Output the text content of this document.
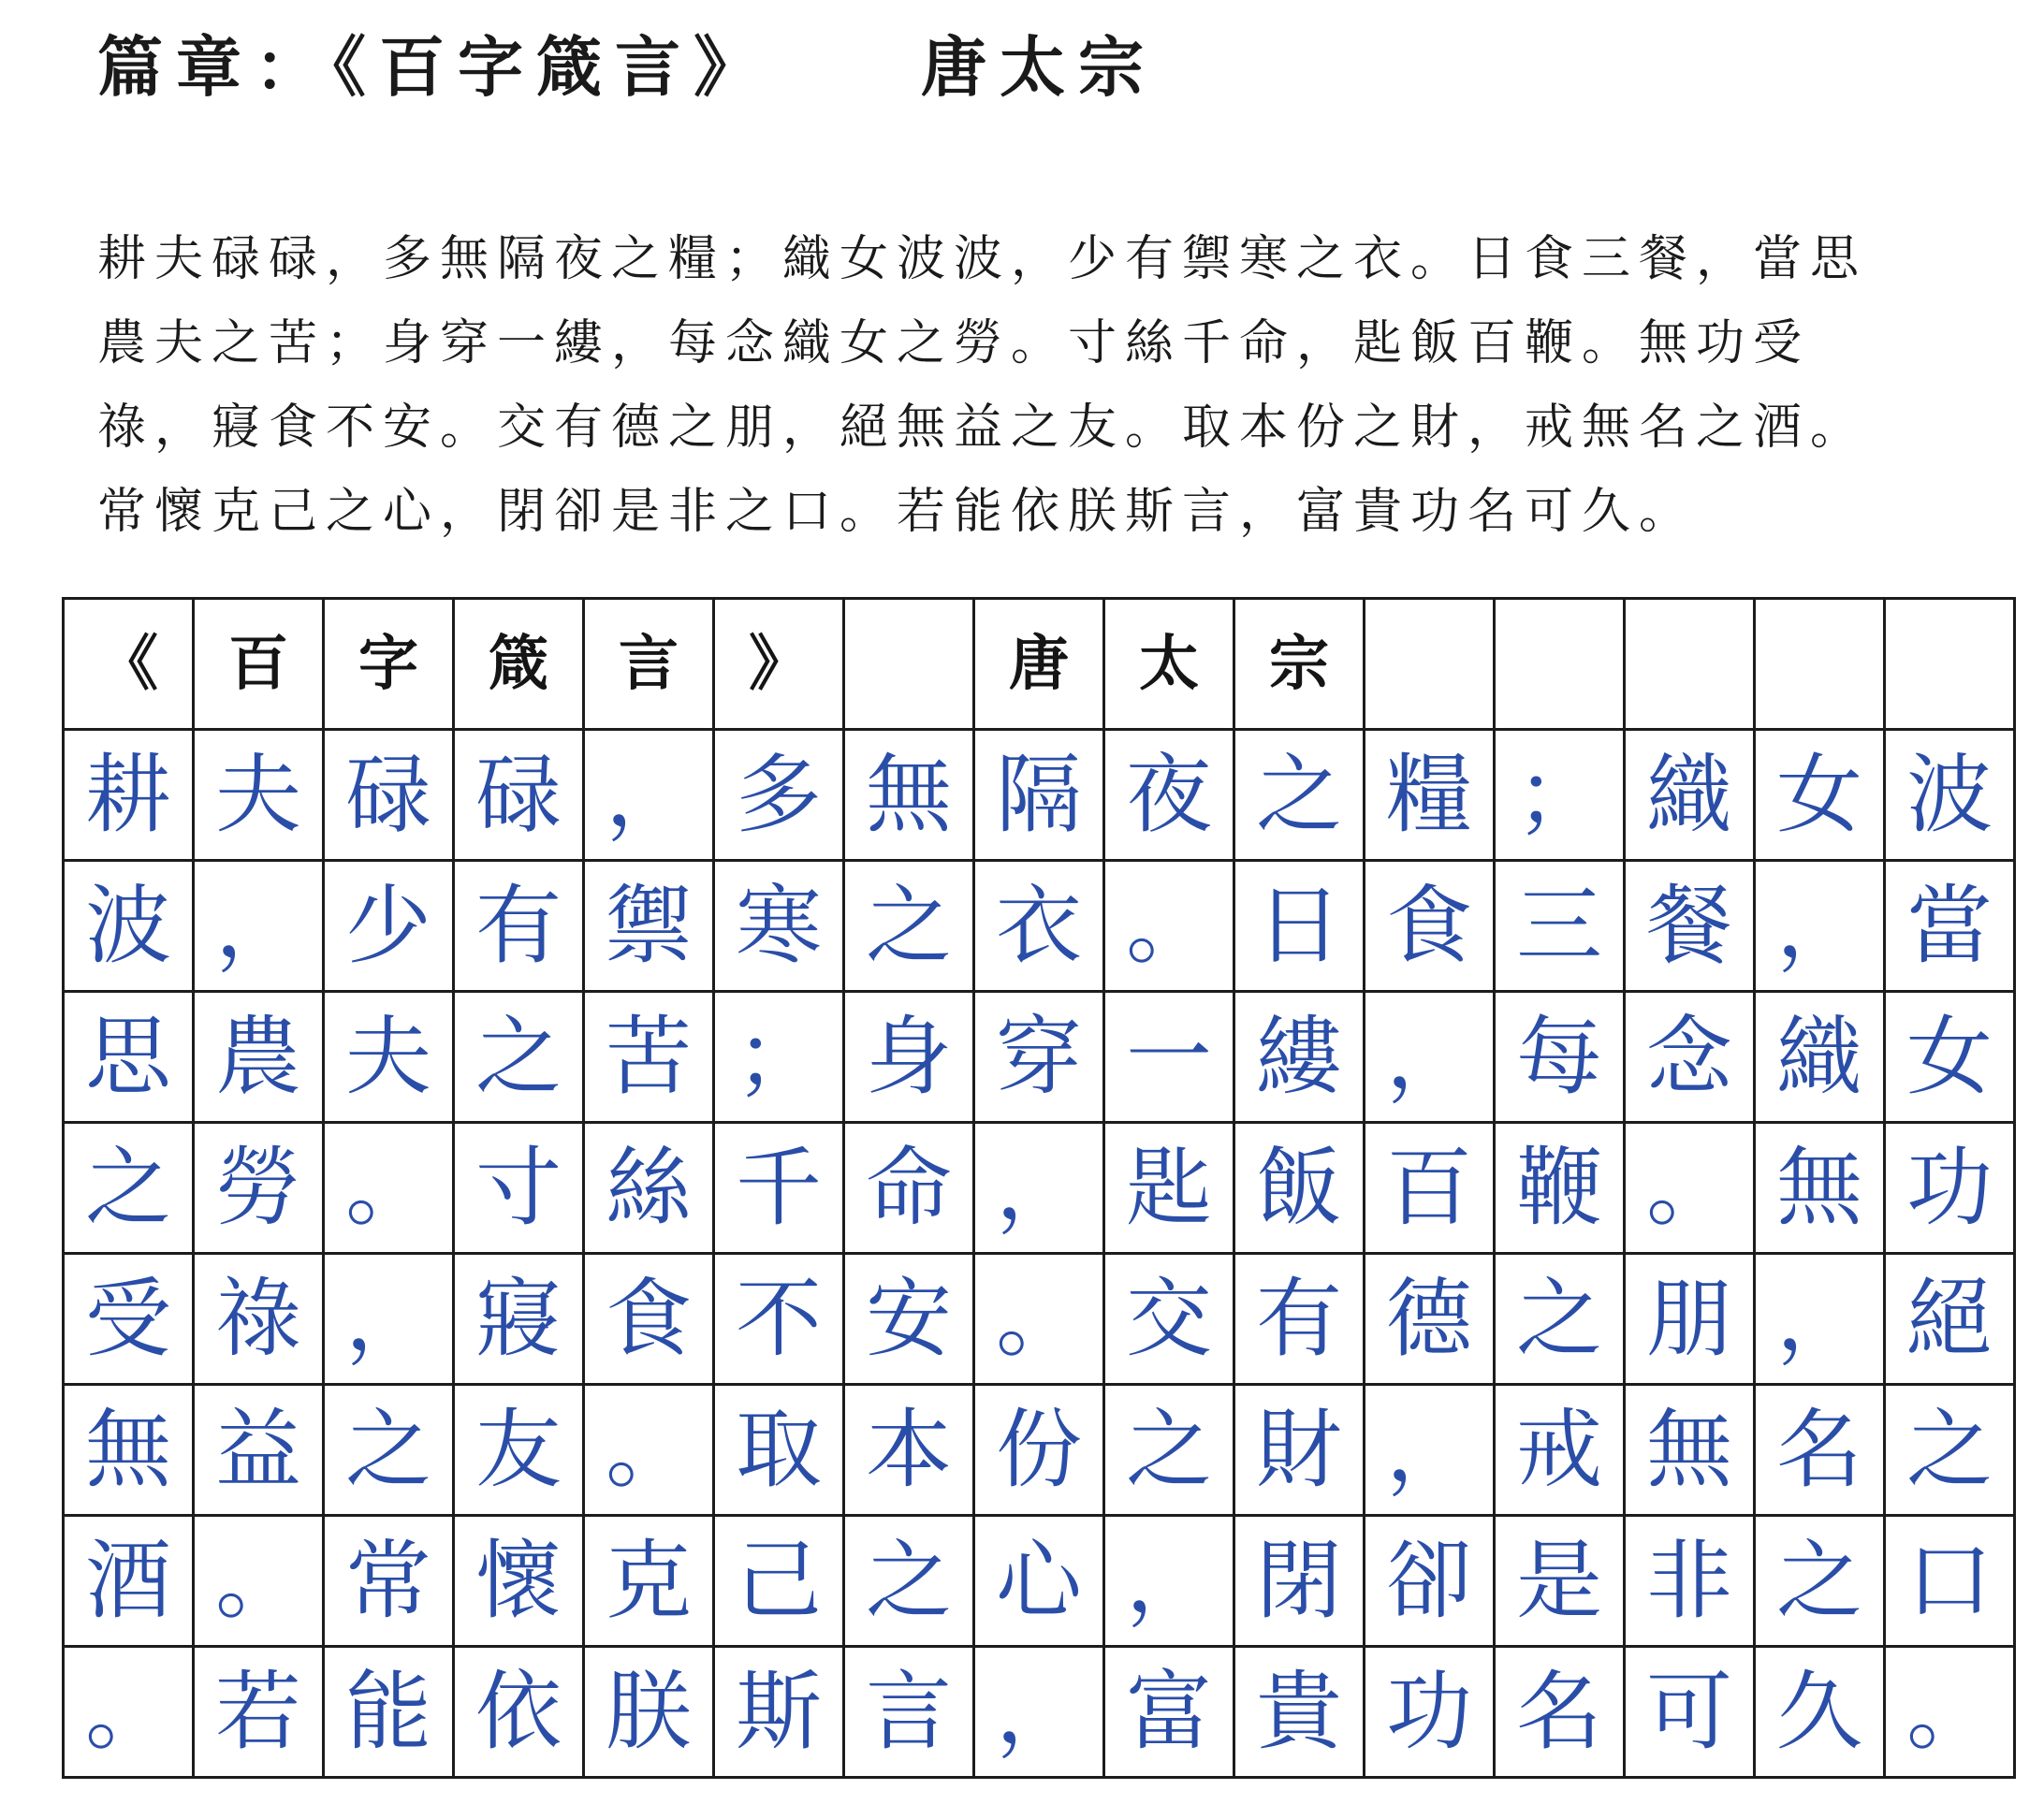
篇章：《百字箴言》 唐太宗
耕夫碌碌，多無隔夜之糧；織女波波，少有禦寒之衣。日食三餐，當思
農夫之苦；身穿一縷，每念織女之勞。寸絲千命，匙飯百鞭。無功受
祿，寢食不安。交有德之朋，絕無益之友。取本份之財，戒無名之酒。
常懷克己之心，閉卻是非之口。若能依朕斯言，富貴功名可久。
《	百	字	箴	言	》		唐	太	宗					
耕	夫	碌	碌	，	多	無	隔	夜	之	糧	；	織	女	波
波	，	少	有	禦	寒	之	衣	。	日	食	三	餐	，	當
思	農	夫	之	苦	；	身	穿	一	縷	，	每	念	織	女
之	勞	。	寸	絲	千	命	，	匙	飯	百	鞭	。	無	功
受	祿	，	寢	食	不	安	。	交	有	德	之	朋	，	絕
無	益	之	友	。	取	本	份	之	財	，	戒	無	名	之
酒	。	常	懷	克	己	之	心	，	閉	卻	是	非	之	口
。	若	能	依	朕	斯	言	，	富	貴	功	名	可	久	。
